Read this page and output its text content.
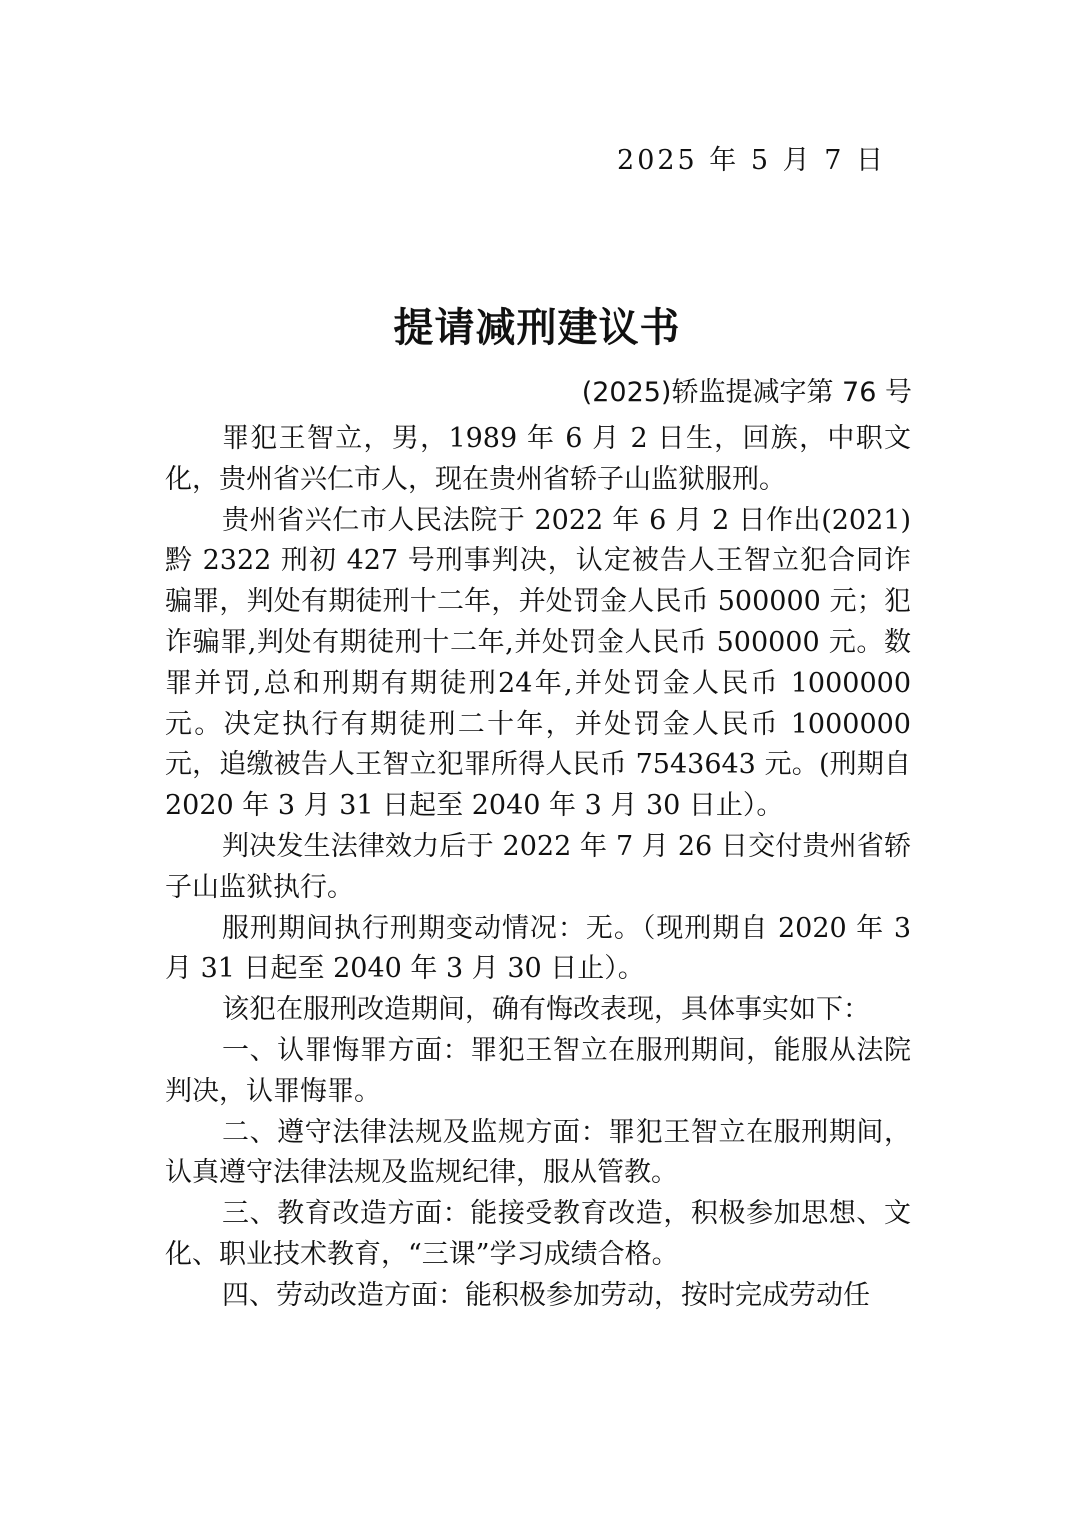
2025 年 5 月 7 日
提请减刑建议书
(2025)轿监提减字第 76 号

罪犯王智立，男，1989 年 6 月 2 日生，回族，中职文化，贵州省兴仁市人，现在贵州省轿子山监狱服刑。

贵州省兴仁市人民法院于 2022 年 6 月 2 日作出(2021)黔 2322 刑初 427 号刑事判决，认定被告人王智立犯合同诈骗罪，判处有期徒刑十二年，并处罚金人民币 500000 元；犯诈骗罪,判处有期徒刑十二年,并处罚金人民币 500000 元。数罪并罚,总和刑期有期徒刑24年,并处罚金人民币 1000000 元。决定执行有期徒刑二十年，并处罚金人民币 1000000 元，追缴被告人王智立犯罪所得人民币 7543643 元。(刑期自 2020 年 3 月 31 日起至 2040 年 3 月 30 日止）。

判决发生法律效力后于 2022 年 7 月 26 日交付贵州省轿子山监狱执行。

服刑期间执行刑期变动情况：无。（现刑期自 2020 年 3 月 31 日起至 2040 年 3 月 30 日止）。

该犯在服刑改造期间，确有悔改表现，具体事实如下：

一、认罪悔罪方面：罪犯王智立在服刑期间，能服从法院判决，认罪悔罪。

二、遵守法律法规及监规方面：罪犯王智立在服刑期间，认真遵守法律法规及监规纪律，服从管教。

三、教育改造方面：能接受教育改造，积极参加思想、文化、职业技术教育，“三课”学习成绩合格。

四、劳动改造方面：能积极参加劳动，按时完成劳动任
